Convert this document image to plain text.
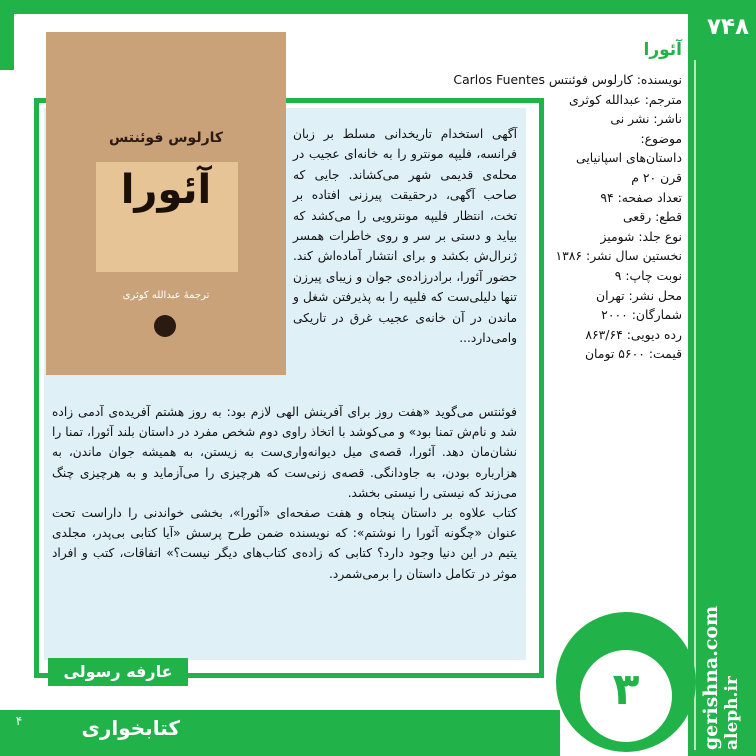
۷۴۸
gerishna.com aleph.ir
کارلوس فوئنتس
آئورا
ترجمهٔ عبدالله کوثری
آگهی استخدام تاریخدانی مسلط بر زبان فرانسه، فلیپه مونترو را به خانه‌ای عجیب در محله‌ی قدیمی شهر می‌کشاند. جایی که صاحب آگهی، درحقیقت پیرزنی افتاده بر تخت، انتظار فلیپه مونترویی را می‌کشد که بیاید و دستی بر سر و روی خاطرات همسر ژنرال‌ش بکشد و برای انتشار آماده‌اش کند. حضور آئورا، برادرزاده‌ی جوان و زیبای پیرزن تنها دلیلی‌ست که فلیپه را به پذیرفتن شغل و ماندن در آن خانه‌ی عجیب غرق در تاریکی وامی‌دارد...

فوئنتس می‌گوید «هفت روز برای آفرینش الهی لازم بود: به روز هشتم آفریده‌ی آدمی زاده شد و نام‌ش تمنا بود» و می‌کوشد با اتخاذ راوی دوم شخص مفرد در داستان بلند آئورا، تمنا را نشان‌مان دهد. آئورا، قصه‌ی میل دیوانه‌واری‌ست به زیستن، به همیشه جوان ماندن، به هزاربار‌ه بودن، به جاودانگی. قصه‌ی زنی‌ست که هرچیزی را می‌آزماید و به هرچیزی چنگ می‌زند که نیستی را نیستی بخشد.

کتاب علاوه بر داستان پنجاه و هفت صفحه‌ای «آئورا»، بخشی خواندنی را داراست تحت عنوان «چگونه آئورا را نوشتم»: که نویسنده ضمن طرح پرسش «آیا کتابی بی‌پدر، مجلدی یتیم در این دنیا وجود دارد؟ کتابی که زاده‌ی کتاب‌های دیگر نیست؟» اتفاقات، کتب و افراد موثر در تکامل داستان را برمی‌شمرد.

عارفه رسولی نژاد
آئورا
نویسنده: کارلوس فوئنتس Carlos Fuentes
مترجم: عبدالله کوثری
ناشر: نشر نی
موضوع:
داستان‌های اسپانیایی
قرن ۲۰ م
تعداد صفحه: ۹۴
قطع: رقعی
نوع جلد: شومیز
نخستین سال نشر: ۱۳۸۶
نوبت چاپ: ۹
محل نشر: تهران
شمارگان: ۲۰۰۰
رده دیویی: ۸۶۳/۶۴
قیمت: ۵۶۰۰ تومان
۳
کتابخواری
۴
